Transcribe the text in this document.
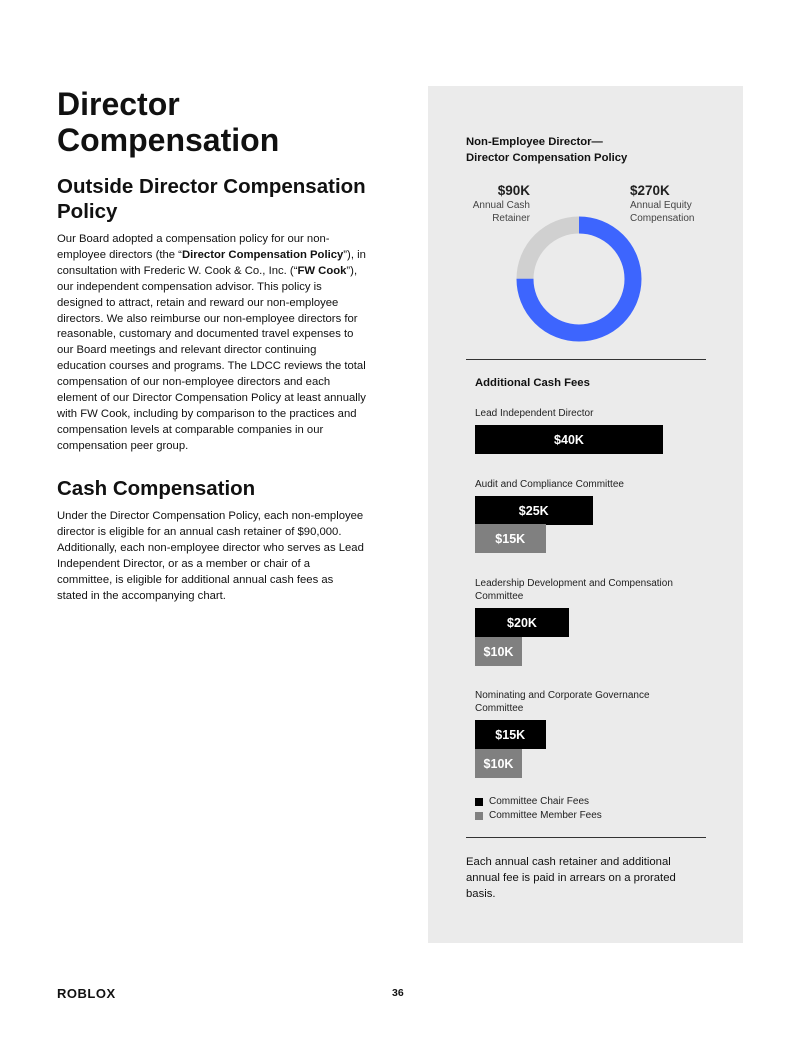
Director Compensation
Outside Director Compensation Policy

Our Board adopted a compensation policy for our non-employee directors (the “Director Compensation Policy”), in consultation with Frederic W. Cook & Co., Inc. (“FW Cook”), our independent compensation advisor. This policy is designed to attract, retain and reward our non-employee directors. We also reimburse our non-employee directors for reasonable, customary and documented travel expenses to our Board meetings and relevant director continuing education courses and programs. The LDCC reviews the total compensation of our non-employee directors and each element of our Director Compensation Policy at least annually with FW Cook, including by comparison to the practices and compensation levels at comparable companies in our compensation peer group.

Cash Compensation

Under the Director Compensation Policy, each non-employee director is eligible for an annual cash retainer of $90,000. Additionally, each non-employee director who serves as Lead Independent Director, or as a member or chair of a committee, is eligible for additional annual cash fees as stated in the accompanying chart.

Non-Employee Director—
Director Compensation Policy

$90K
Annual Cash Retainer
$270K
Annual Equity Compensation

Additional Cash Fees

Lead Independent Director
$40K
Audit and Compliance Committee
$25K
$15K
Leadership Development and Compensation Committee
$20K
$10K
Nominating and Corporate Governance Committee
$15K
$10K
Committee Chair Fees
Committee Member Fees

Each annual cash retainer and additional annual fee is paid in arrears on a prorated basis.

ROBLOX	36
